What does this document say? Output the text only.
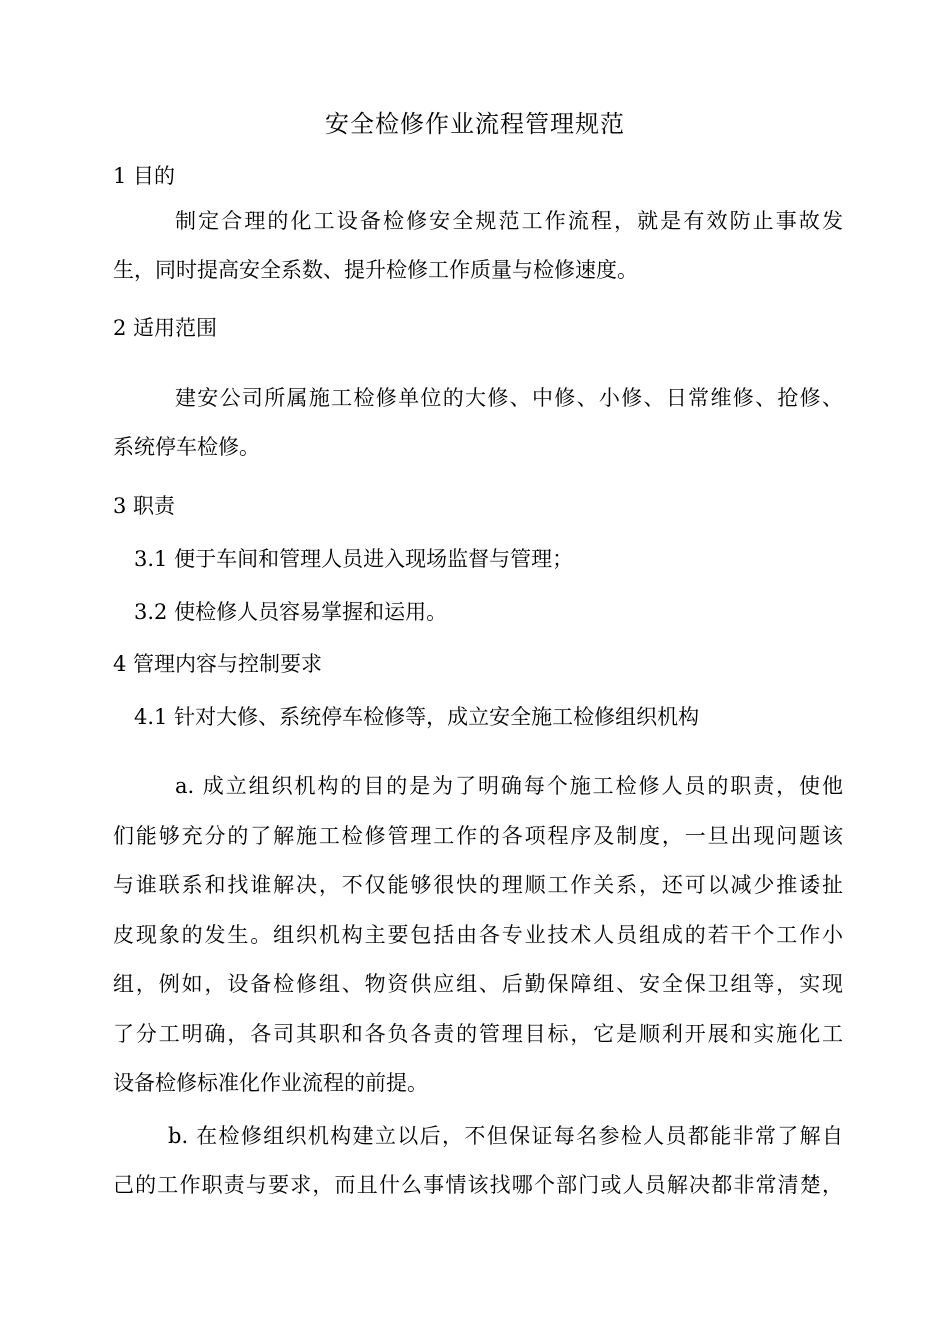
安全检修作业流程管理规范
1 目的
制定合理的化工设备检修安全规范工作流程，就是有效防止事故发
生，同时提高安全系数、提升检修工作质量与检修速度。
2 适用范围
建安公司所属施工检修单位的大修、中修、小修、日常维修、抢修、
系统停车检修。
3 职责
3.1 便于车间和管理人员进入现场监督与管理；
3.2 使检修人员容易掌握和运用。
4 管理内容与控制要求
4.1 针对大修、系统停车检修等，成立安全施工检修组织机构
a. 成立组织机构的目的是为了明确每个施工检修人员的职责，使他
们能够充分的了解施工检修管理工作的各项程序及制度，一旦出现问题该
与谁联系和找谁解决，不仅能够很快的理顺工作关系，还可以减少推诿扯
皮现象的发生。组织机构主要包括由各专业技术人员组成的若干个工作小
组，例如，设备检修组、物资供应组、后勤保障组、安全保卫组等，实现
了分工明确，各司其职和各负各责的管理目标，它是顺利开展和实施化工
设备检修标准化作业流程的前提。
b. 在检修组织机构建立以后，不但保证每名参检人员都能非常了解自
己的工作职责与要求，而且什么事情该找哪个部门或人员解决都非常清楚，
